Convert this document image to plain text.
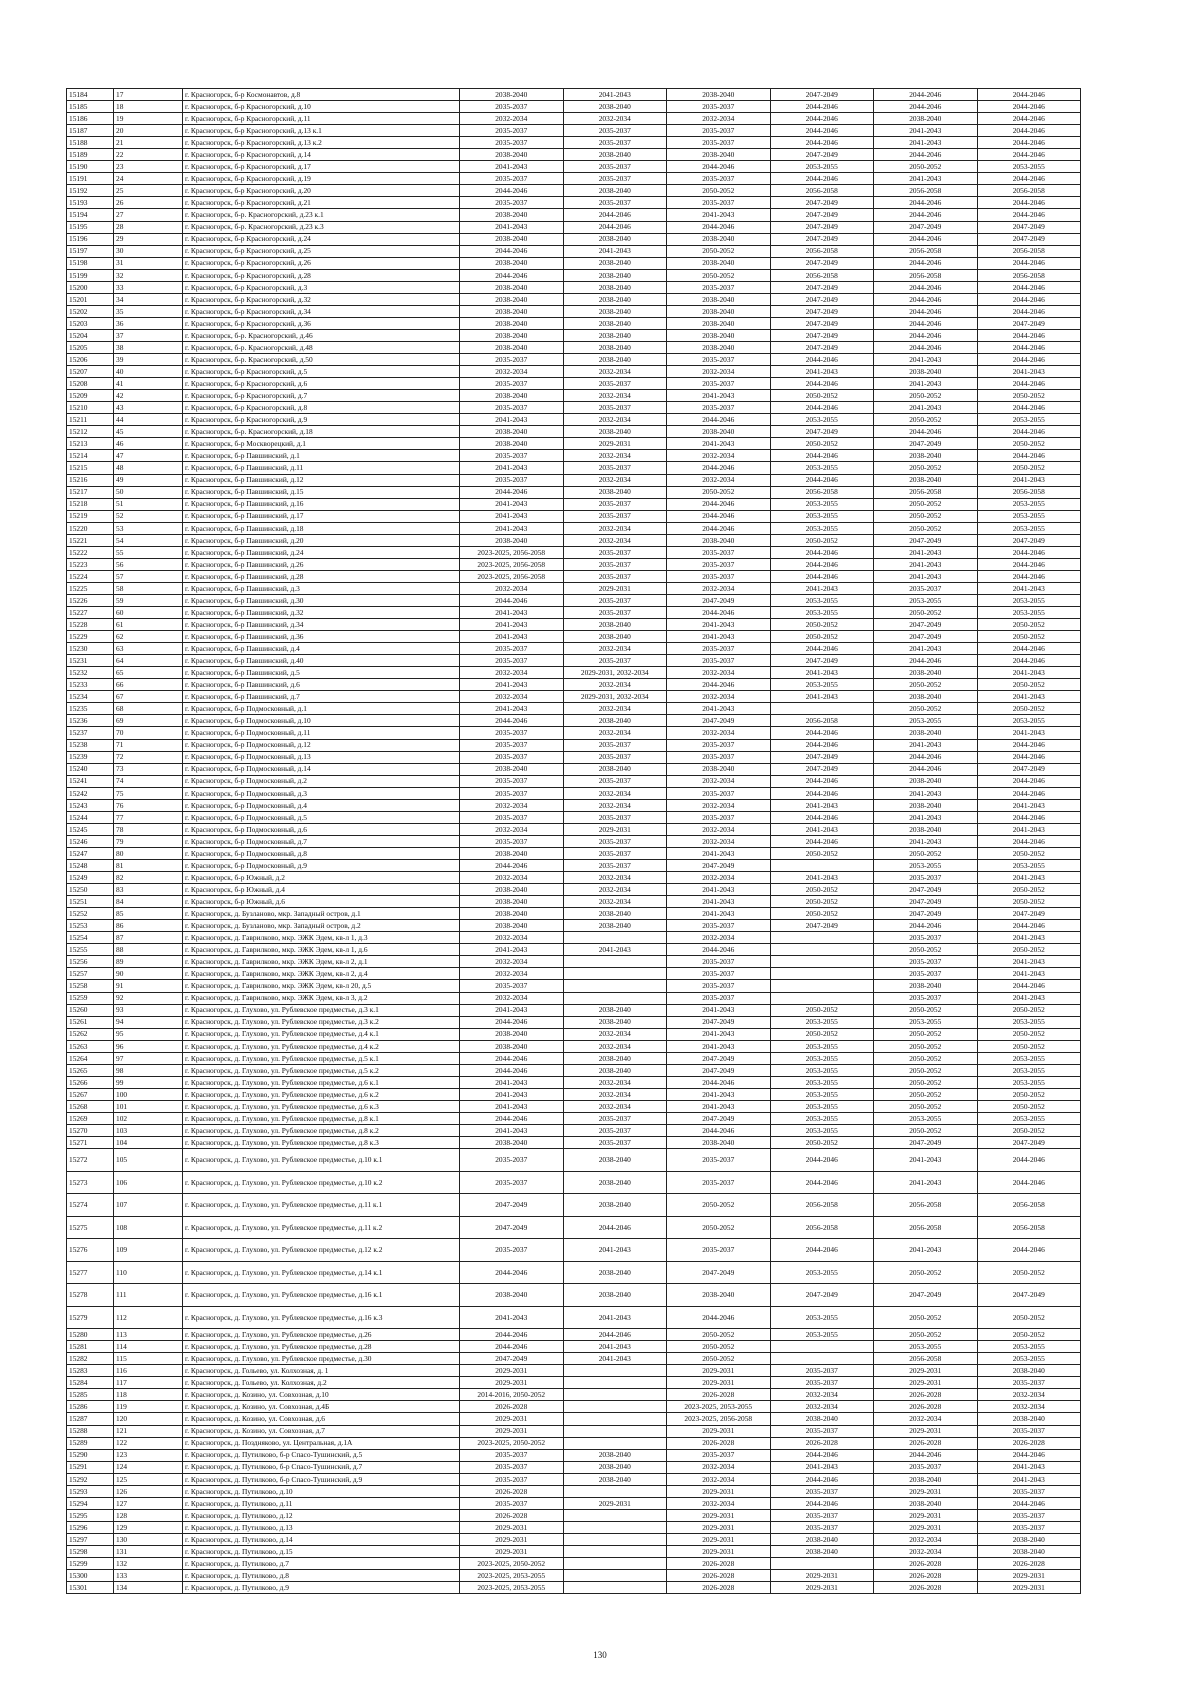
15184	17	г. Красногорск, б-р Космонавтов, д.8	2038-2040	2041-2043	2038-2040	2047-2049	2044-2046	2044-2046
15185	18	г. Красногорск, б-р Красногорский, д.10	2035-2037	2038-2040	2035-2037	2044-2046	2044-2046	2044-2046
15186	19	г. Красногорск, б-р Красногорский, д.11	2032-2034	2032-2034	2032-2034	2044-2046	2038-2040	2044-2046
15187	20	г. Красногорск, б-р Красногорский, д.13 к.1	2035-2037	2035-2037	2035-2037	2044-2046	2041-2043	2044-2046
15188	21	г. Красногорск, б-р Красногорский, д.13 к.2	2035-2037	2035-2037	2035-2037	2044-2046	2041-2043	2044-2046
15189	22	г. Красногорск, б-р Красногорский, д.14	2038-2040	2038-2040	2038-2040	2047-2049	2044-2046	2044-2046
15190	23	г. Красногорск, б-р Красногорский, д.17	2041-2043	2035-2037	2044-2046	2053-2055	2050-2052	2053-2055
15191	24	г. Красногорск, б-р Красногорский, д.19	2035-2037	2035-2037	2035-2037	2044-2046	2041-2043	2044-2046
15192	25	г. Красногорск, б-р Красногорский, д.20	2044-2046	2038-2040	2050-2052	2056-2058	2056-2058	2056-2058
15193	26	г. Красногорск, б-р Красногорский, д.21	2035-2037	2035-2037	2035-2037	2047-2049	2044-2046	2044-2046
15194	27	г. Красногорск, б-р. Красногорский, д.23 к.1	2038-2040	2044-2046	2041-2043	2047-2049	2044-2046	2044-2046
15195	28	г. Красногорск, б-р. Красногорский, д.23 к.3	2041-2043	2044-2046	2044-2046	2047-2049	2047-2049	2047-2049
15196	29	г. Красногорск, б-р Красногорский, д.24	2038-2040	2038-2040	2038-2040	2047-2049	2044-2046	2047-2049
15197	30	г. Красногорск, б-р Красногорский, д.25	2044-2046	2041-2043	2050-2052	2056-2058	2056-2058	2056-2058
15198	31	г. Красногорск, б-р Красногорский, д.26	2038-2040	2038-2040	2038-2040	2047-2049	2044-2046	2044-2046
15199	32	г. Красногорск, б-р Красногорский, д.28	2044-2046	2038-2040	2050-2052	2056-2058	2056-2058	2056-2058
15200	33	г. Красногорск, б-р Красногорский, д.3	2038-2040	2038-2040	2035-2037	2047-2049	2044-2046	2044-2046
15201	34	г. Красногорск, б-р Красногорский, д.32	2038-2040	2038-2040	2038-2040	2047-2049	2044-2046	2044-2046
15202	35	г. Красногорск, б-р Красногорский, д.34	2038-2040	2038-2040	2038-2040	2047-2049	2044-2046	2044-2046
15203	36	г. Красногорск, б-р Красногорский, д.36	2038-2040	2038-2040	2038-2040	2047-2049	2044-2046	2047-2049
15204	37	г. Красногорск, б-р. Красногорский, д.46	2038-2040	2038-2040	2038-2040	2047-2049	2044-2046	2044-2046
15205	38	г. Красногорск, б-р. Красногорский, д.48	2038-2040	2038-2040	2038-2040	2047-2049	2044-2046	2044-2046
15206	39	г. Красногорск, б-р. Красногорский, д.50	2035-2037	2038-2040	2035-2037	2044-2046	2041-2043	2044-2046
15207	40	г. Красногорск, б-р Красногорский, д.5	2032-2034	2032-2034	2032-2034	2041-2043	2038-2040	2041-2043
15208	41	г. Красногорск, б-р Красногорский, д.6	2035-2037	2035-2037	2035-2037	2044-2046	2041-2043	2044-2046
15209	42	г. Красногорск, б-р Красногорский, д.7	2038-2040	2032-2034	2041-2043	2050-2052	2050-2052	2050-2052
15210	43	г. Красногорск, б-р Красногорский, д.8	2035-2037	2035-2037	2035-2037	2044-2046	2041-2043	2044-2046
15211	44	г. Красногорск, б-р Красногорский, д.9	2041-2043	2032-2034	2044-2046	2053-2055	2050-2052	2053-2055
15212	45	г. Красногорск, б-р. Красногорский, д.18	2038-2040	2038-2040	2038-2040	2047-2049	2044-2046	2044-2046
15213	46	г. Красногорск, б-р Москворецкий, д.1	2038-2040	2029-2031	2041-2043	2050-2052	2047-2049	2050-2052
15214	47	г. Красногорск, б-р Павшинский, д.1	2035-2037	2032-2034	2032-2034	2044-2046	2038-2040	2044-2046
15215	48	г. Красногорск, б-р Павшинский, д.11	2041-2043	2035-2037	2044-2046	2053-2055	2050-2052	2050-2052
15216	49	г. Красногорск, б-р Павшинский, д.12	2035-2037	2032-2034	2032-2034	2044-2046	2038-2040	2041-2043
15217	50	г. Красногорск, б-р Павшинский, д.15	2044-2046	2038-2040	2050-2052	2056-2058	2056-2058	2056-2058
15218	51	г. Красногорск, б-р Павшинский, д.16	2041-2043	2035-2037	2044-2046	2053-2055	2050-2052	2053-2055
15219	52	г. Красногорск, б-р Павшинский, д.17	2041-2043	2035-2037	2044-2046	2053-2055	2050-2052	2053-2055
15220	53	г. Красногорск, б-р Павшинский, д.18	2041-2043	2032-2034	2044-2046	2053-2055	2050-2052	2053-2055
15221	54	г. Красногорск, б-р Павшинский, д.20	2038-2040	2032-2034	2038-2040	2050-2052	2047-2049	2047-2049
15222	55	г. Красногорск, б-р Павшинский, д.24	2023-2025, 2056-2058	2035-2037	2035-2037	2044-2046	2041-2043	2044-2046
15223	56	г. Красногорск, б-р Павшинский, д.26	2023-2025, 2056-2058	2035-2037	2035-2037	2044-2046	2041-2043	2044-2046
15224	57	г. Красногорск, б-р Павшинский, д.28	2023-2025, 2056-2058	2035-2037	2035-2037	2044-2046	2041-2043	2044-2046
15225	58	г. Красногорск, б-р Павшинский, д.3	2032-2034	2029-2031	2032-2034	2041-2043	2035-2037	2041-2043
15226	59	г. Красногорск, б-р Павшинский, д.30	2044-2046	2035-2037	2047-2049	2053-2055	2053-2055	2053-2055
15227	60	г. Красногорск, б-р Павшинский, д.32	2041-2043	2035-2037	2044-2046	2053-2055	2050-2052	2053-2055
15228	61	г. Красногорск, б-р Павшинский, д.34	2041-2043	2038-2040	2041-2043	2050-2052	2047-2049	2050-2052
15229	62	г. Красногорск, б-р Павшинский, д.36	2041-2043	2038-2040	2041-2043	2050-2052	2047-2049	2050-2052
15230	63	г. Красногорск, б-р Павшинский, д.4	2035-2037	2032-2034	2035-2037	2044-2046	2041-2043	2044-2046
15231	64	г. Красногорск, б-р Павшинский, д.40	2035-2037	2035-2037	2035-2037	2047-2049	2044-2046	2044-2046
15232	65	г. Красногорск, б-р Павшинский, д.5	2032-2034	2029-2031, 2032-2034	2032-2034	2041-2043	2038-2040	2041-2043
15233	66	г. Красногорск, б-р Павшинский, д.6	2041-2043	2032-2034	2044-2046	2053-2055	2050-2052	2050-2052
15234	67	г. Красногорск, б-р Павшинский, д.7	2032-2034	2029-2031, 2032-2034	2032-2034	2041-2043	2038-2040	2041-2043
15235	68	г. Красногорск, б-р Подмосковный, д.1	2041-2043	2032-2034	2041-2043		2050-2052	2050-2052
15236	69	г. Красногорск, б-р Подмосковный, д.10	2044-2046	2038-2040	2047-2049	2056-2058	2053-2055	2053-2055
15237	70	г. Красногорск, б-р Подмосковный, д.11	2035-2037	2032-2034	2032-2034	2044-2046	2038-2040	2041-2043
15238	71	г. Красногорск, б-р Подмосковный, д.12	2035-2037	2035-2037	2035-2037	2044-2046	2041-2043	2044-2046
15239	72	г. Красногорск, б-р Подмосковный, д.13	2035-2037	2035-2037	2035-2037	2047-2049	2044-2046	2044-2046
15240	73	г. Красногорск, б-р Подмосковный, д.14	2038-2040	2038-2040	2038-2040	2047-2049	2044-2046	2047-2049
15241	74	г. Красногорск, б-р Подмосковный, д.2	2035-2037	2035-2037	2032-2034	2044-2046	2038-2040	2044-2046
15242	75	г. Красногорск, б-р Подмосковный, д.3	2035-2037	2032-2034	2035-2037	2044-2046	2041-2043	2044-2046
15243	76	г. Красногорск, б-р Подмосковный, д.4	2032-2034	2032-2034	2032-2034	2041-2043	2038-2040	2041-2043
15244	77	г. Красногорск, б-р Подмосковный, д.5	2035-2037	2035-2037	2035-2037	2044-2046	2041-2043	2044-2046
15245	78	г. Красногорск, б-р Подмосковный, д.6	2032-2034	2029-2031	2032-2034	2041-2043	2038-2040	2041-2043
15246	79	г. Красногорск, б-р Подмосковный, д.7	2035-2037	2035-2037	2032-2034	2044-2046	2041-2043	2044-2046
15247	80	г. Красногорск, б-р Подмосковный, д.8	2038-2040	2035-2037	2041-2043	2050-2052	2050-2052	2050-2052
15248	81	г. Красногорск, б-р Подмосковный, д.9	2044-2046	2035-2037	2047-2049		2053-2055	2053-2055
15249	82	г. Красногорск, б-р Южный, д.2	2032-2034	2032-2034	2032-2034	2041-2043	2035-2037	2041-2043
15250	83	г. Красногорск, б-р Южный, д.4	2038-2040	2032-2034	2041-2043	2050-2052	2047-2049	2050-2052
15251	84	г. Красногорск, б-р Южный, д.6	2038-2040	2032-2034	2041-2043	2050-2052	2047-2049	2050-2052
15252	85	г. Красногорск, д. Бузланово, мкр. Западный остров, д.1	2038-2040	2038-2040	2041-2043	2050-2052	2047-2049	2047-2049
15253	86	г. Красногорск, д. Бузланово, мкр. Западный остров, д.2	2038-2040	2038-2040	2035-2037	2047-2049	2044-2046	2044-2046
15254	87	г. Красногорск, д. Гаврилково, мкр. ЭЖК Эдем, кв-л 1, д.3	2032-2034		2032-2034		2035-2037	2041-2043
15255	88	г. Красногорск, д. Гаврилково, мкр. ЭЖК Эдем, кв-л 1, д.6	2041-2043	2041-2043	2044-2046		2050-2052	2050-2052
15256	89	г. Красногорск, д. Гаврилково, мкр. ЭЖК Эдем, кв-л 2, д.1	2032-2034		2035-2037		2035-2037	2041-2043
15257	90	г. Красногорск, д. Гаврилково, мкр. ЭЖК Эдем, кв-л 2, д.4	2032-2034		2035-2037		2035-2037	2041-2043
15258	91	г. Красногорск, д. Гаврилково, мкр. ЭЖК Эдем, кв-л 20, д.5	2035-2037		2035-2037		2038-2040	2044-2046
15259	92	г. Красногорск, д. Гаврилково, мкр. ЭЖК Эдем, кв-л 3, д.2	2032-2034		2035-2037		2035-2037	2041-2043
15260	93	г. Красногорск, д. Глухово, ул. Рублевское предместье, д.3 к.1	2041-2043	2038-2040	2041-2043	2050-2052	2050-2052	2050-2052
15261	94	г. Красногорск, д. Глухово, ул. Рублевское предместье, д.3 к.2	2044-2046	2038-2040	2047-2049	2053-2055	2053-2055	2053-2055
15262	95	г. Красногорск, д. Глухово, ул. Рублевское предместье, д.4 к.1	2038-2040	2032-2034	2041-2043	2050-2052	2050-2052	2050-2052
15263	96	г. Красногорск, д. Глухово, ул. Рублевское предместье, д.4 к.2	2038-2040	2032-2034	2041-2043	2053-2055	2050-2052	2050-2052
15264	97	г. Красногорск, д. Глухово, ул. Рублевское предместье, д.5 к.1	2044-2046	2038-2040	2047-2049	2053-2055	2050-2052	2053-2055
15265	98	г. Красногорск, д. Глухово, ул. Рублевское предместье, д.5 к.2	2044-2046	2038-2040	2047-2049	2053-2055	2050-2052	2053-2055
15266	99	г. Красногорск, д. Глухово, ул. Рублевское предместье, д.6 к.1	2041-2043	2032-2034	2044-2046	2053-2055	2050-2052	2053-2055
15267	100	г. Красногорск, д. Глухово, ул. Рублевское предместье, д.6 к.2	2041-2043	2032-2034	2041-2043	2053-2055	2050-2052	2050-2052
15268	101	г. Красногорск, д. Глухово, ул. Рублевское предместье, д.6 к.3	2041-2043	2032-2034	2041-2043	2053-2055	2050-2052	2050-2052
15269	102	г. Красногорск, д. Глухово, ул. Рублевское предместье, д.8 к.1	2044-2046	2035-2037	2047-2049	2053-2055	2053-2055	2053-2055
15270	103	г. Красногорск, д. Глухово, ул. Рублевское предместье, д.8 к.2	2041-2043	2035-2037	2044-2046	2053-2055	2050-2052	2050-2052
15271	104	г. Красногорск, д. Глухово, ул. Рублевское предместье, д.8 к.3	2038-2040	2035-2037	2038-2040	2050-2052	2047-2049	2047-2049
15272	105	г. Красногорск, д. Глухово, ул. Рублевское предместье, д.10 к.1	2035-2037	2038-2040	2035-2037	2044-2046	2041-2043	2044-2046
15273	106	г. Красногорск, д. Глухово, ул. Рублевское предместье, д.10 к.2	2035-2037	2038-2040	2035-2037	2044-2046	2041-2043	2044-2046
15274	107	г. Красногорск, д. Глухово, ул. Рублевское предместье, д.11 к.1	2047-2049	2038-2040	2050-2052	2056-2058	2056-2058	2056-2058
15275	108	г. Красногорск, д. Глухово, ул. Рублевское предместье, д.11 к.2	2047-2049	2044-2046	2050-2052	2056-2058	2056-2058	2056-2058
15276	109	г. Красногорск, д. Глухово, ул. Рублевское предместье, д.12 к.2	2035-2037	2041-2043	2035-2037	2044-2046	2041-2043	2044-2046
15277	110	г. Красногорск, д. Глухово, ул. Рублевское предместье, д.14 к.1	2044-2046	2038-2040	2047-2049	2053-2055	2050-2052	2050-2052
15278	111	г. Красногорск, д. Глухово, ул. Рублевское предместье, д.16 к.1	2038-2040	2038-2040	2038-2040	2047-2049	2047-2049	2047-2049
15279	112	г. Красногорск, д. Глухово, ул. Рублевское предместье, д.16 к.3	2041-2043	2041-2043	2044-2046	2053-2055	2050-2052	2050-2052
15280	113	г. Красногорск, д. Глухово, ул. Рублевское предместье, д.26	2044-2046	2044-2046	2050-2052	2053-2055	2050-2052	2050-2052
15281	114	г. Красногорск, д. Глухово, ул. Рублевское предместье, д.28	2044-2046	2041-2043	2050-2052		2053-2055	2053-2055
15282	115	г. Красногорск, д. Глухово, ул. Рублевское предместье, д.30	2047-2049	2041-2043	2050-2052		2056-2058	2053-2055
15283	116	г. Красногорск, д. Гольево, ул. Колхозная, д. 1	2029-2031		2029-2031	2035-2037	2029-2031	2038-2040
15284	117	г. Красногорск, д. Гольево, ул. Колхозная, д.2	2029-2031		2029-2031	2035-2037	2029-2031	2035-2037
15285	118	г. Красногорск, д. Козино, ул. Совхозная, д.10	2014-2016, 2050-2052		2026-2028	2032-2034	2026-2028	2032-2034
15286	119	г. Красногорск, д. Козино, ул. Совхозная, д.4Б	2026-2028		2023-2025, 2053-2055	2032-2034	2026-2028	2032-2034
15287	120	г. Красногорск, д. Козино, ул. Совхозная, д.6	2029-2031		2023-2025, 2056-2058	2038-2040	2032-2034	2038-2040
15288	121	г. Красногорск, д. Козино, ул. Совхозная, д.7	2029-2031		2029-2031	2035-2037	2029-2031	2035-2037
15289	122	г. Красногорск, д. Поздняково, ул. Центральная, д.1А	2023-2025, 2050-2052		2026-2028	2026-2028	2026-2028	2026-2028
15290	123	г. Красногорск, д. Путилково, б-р Спасо-Тушинский, д.5	2035-2037	2038-2040	2035-2037	2044-2046	2044-2046	2044-2046
15291	124	г. Красногорск, д. Путилково, б-р Спасо-Тушинский, д.7	2035-2037	2038-2040	2032-2034	2041-2043	2035-2037	2041-2043
15292	125	г. Красногорск, д. Путилково, б-р Спасо-Тушинский, д.9	2035-2037	2038-2040	2032-2034	2044-2046	2038-2040	2041-2043
15293	126	г. Красногорск, д. Путилково, д.10	2026-2028		2029-2031	2035-2037	2029-2031	2035-2037
15294	127	г. Красногорск, д. Путилково, д.11	2035-2037	2029-2031	2032-2034	2044-2046	2038-2040	2044-2046
15295	128	г. Красногорск, д. Путилково, д.12	2026-2028		2029-2031	2035-2037	2029-2031	2035-2037
15296	129	г. Красногорск, д. Путилково, д.13	2029-2031		2029-2031	2035-2037	2029-2031	2035-2037
15297	130	г. Красногорск, д. Путилково, д.14	2029-2031		2029-2031	2038-2040	2032-2034	2038-2040
15298	131	г. Красногорск, д. Путилково, д.15	2029-2031		2029-2031	2038-2040	2032-2034	2038-2040
15299	132	г. Красногорск, д. Путилково, д.7	2023-2025, 2050-2052		2026-2028		2026-2028	2026-2028
15300	133	г. Красногорск, д. Путилково, д.8	2023-2025, 2053-2055		2026-2028	2029-2031	2026-2028	2029-2031
15301	134	г. Красногорск, д. Путилково, д.9	2023-2025, 2053-2055		2026-2028	2029-2031	2026-2028	2029-2031
130
